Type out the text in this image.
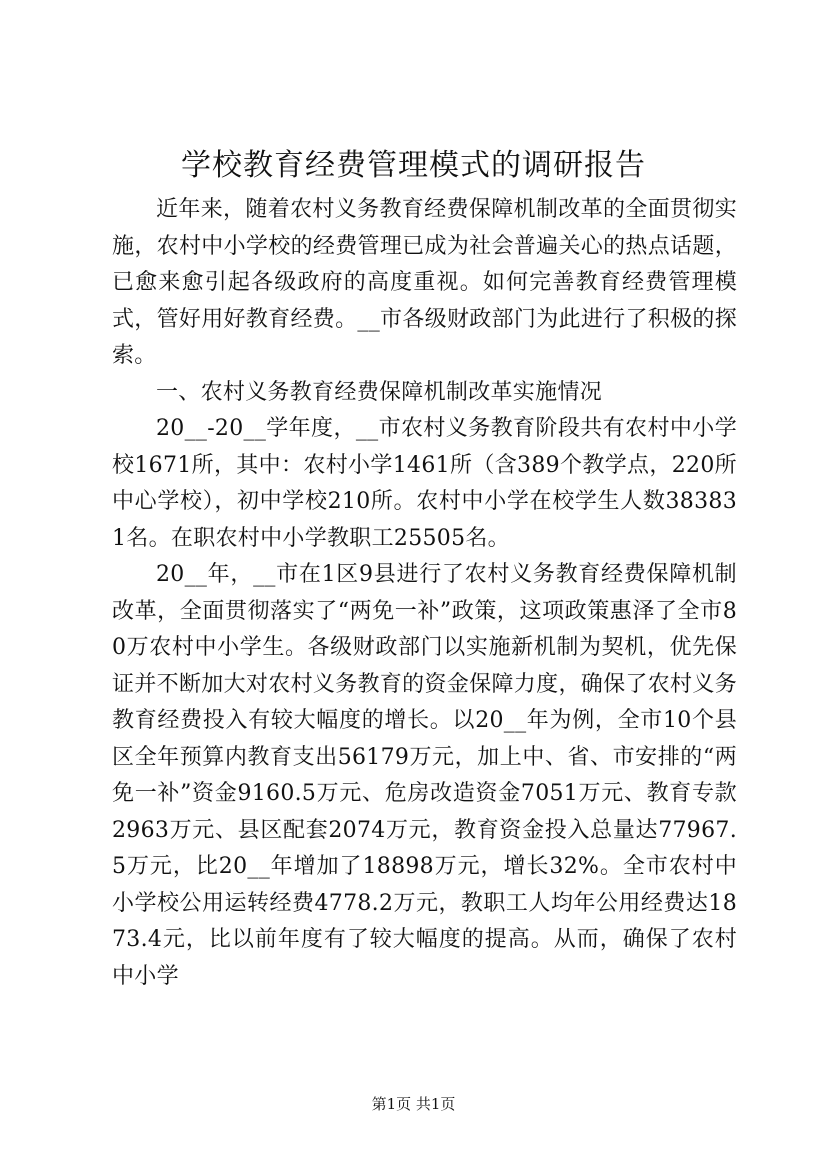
学校教育经费管理模式的调研报告

近年来，随着农村义务教育经费保障机制改革的全面贯彻实施，农村中小学校的经费管理已成为社会普遍关心的热点话题，已愈来愈引起各级政府的高度重视。如何完善教育经费管理模式，管好用好教育经费。__市各级财政部门为此进行了积极的探索。

一、农村义务教育经费保障机制改革实施情况

20__-20__学年度，__市农村义务教育阶段共有农村中小学校1671所，其中：农村小学1461所（含389个教学点，220所中心学校），初中学校210所。农村中小学在校学生人数383831名。在职农村中小学教职工25505名。

20__年，__市在1区9县进行了农村义务教育经费保障机制改革，全面贯彻落实了“两免一补”政策，这项政策惠泽了全市80万农村中小学生。各级财政部门以实施新机制为契机，优先保证并不断加大对农村义务教育的资金保障力度，确保了农村义务教育经费投入有较大幅度的增长。以20__年为例，全市10个县区全年预算内教育支出56179万元，加上中、省、市安排的“两免一补”资金9160.5万元、危房改造资金7051万元、教育专款2963万元、县区配套2074万元，教育资金投入总量达77967.5万元，比20__年增加了18898万元，增长32%。全市农村中小学校公用运转经费4778.2万元，教职工人均年公用经费达1873.4元，比以前年度有了较大幅度的提高。从而，确保了农村中小学

第1页 共1页
